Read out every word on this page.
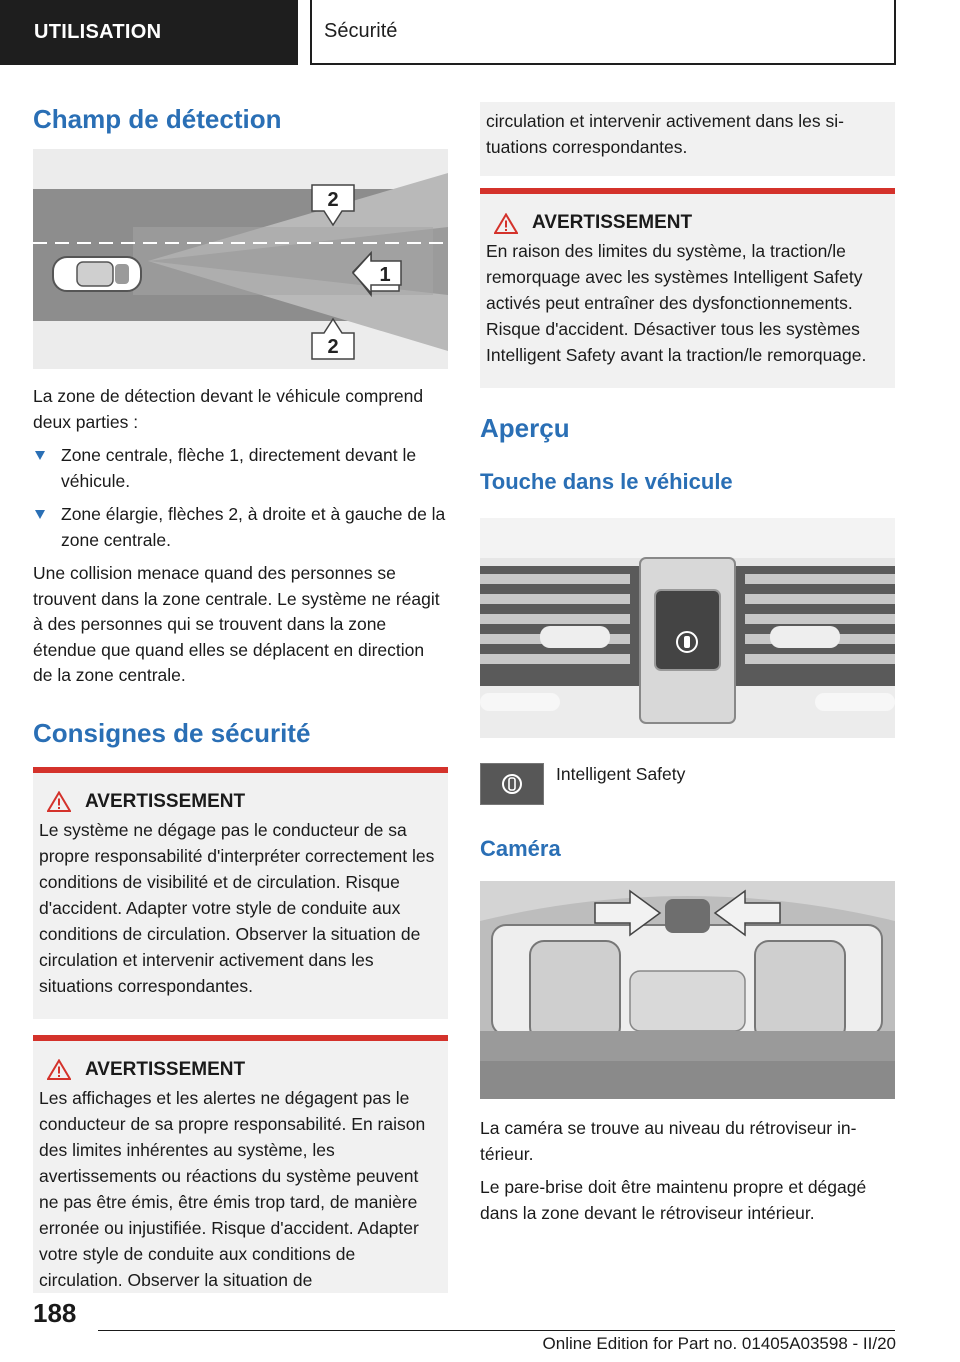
UTILISATION	Sécurité
Champ de détection
2
1
2

La zone de détection devant le véhicule comprend deux parties :

Zone centrale, flèche 1, directement devant le véhicule.
Zone élargie, flèches 2, à droite et à gauche de la zone centrale.

Une collision menace quand des personnes se trouvent dans la zone centrale. Le système ne réagit à des personnes qui se trouvent dans la zone étendue que quand elles se déplacent en direction de la zone centrale.

Consignes de sécurité
AVERTISSEMENT

Le système ne dégage pas le conducteur de sa propre responsabilité d'interpréter correctement les conditions de visibilité et de circulation. Risque d'accident. Adapter votre style de conduite aux conditions de circulation. Observer la situation de circulation et intervenir activement dans les situations correspondantes.

AVERTISSEMENT

Les affichages et les alertes ne dégagent pas le conducteur de sa propre responsabilité. En raison des limites inhérentes au système, les avertissements ou réactions du système peuvent ne pas être émis, être émis trop tard, de manière erronée ou injustifiée. Risque d'accident. Adapter votre style de conduite aux conditions de circulation. Observer la situation de

circulation et intervenir activement dans les situations correspondantes.

AVERTISSEMENT

En raison des limites du système, la traction/le remorquage avec les systèmes Intelligent Safety activés peut entraîner des dysfonctionnements. Risque d'accident. Désactiver tous les systèmes Intelligent Safety avant la traction/le remorquage.

Aperçu
Touche dans le véhicule
Intelligent Safety
Caméra

La caméra se trouve au niveau du rétroviseur intérieur.

Le pare-brise doit être maintenu propre et dégagé dans la zone devant le rétroviseur intérieur.

188
Online Edition for Part no. 01405A03598 - II/20
